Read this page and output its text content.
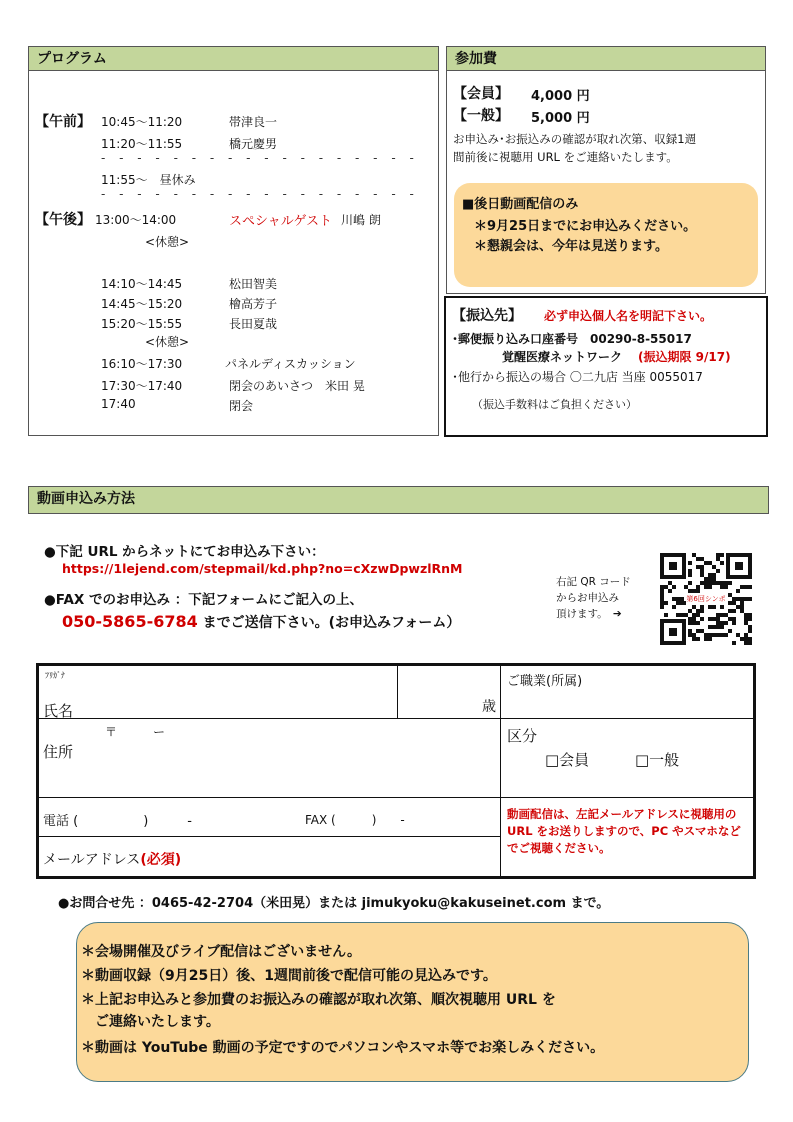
プログラム
【午前】 10:45～11:20	帯津良一
11:20～11:55	橋元慶男
- - - - - - - - - - - - - - - - - -
11:55～　昼休み
- - - - - - - - - - - - - - - - - -
【午後】 13:00～14:00	スペシャルゲスト 川嶋 朗
<休憩>
14:10～14:45	松田智美
14:45～15:20	檜高芳子
15:20～15:55	長田夏哉
<休憩>
16:10～17:30	パネルディスカッション
17:30～17:40	閉会のあいさつ　米田 晃
17:40	閉会
参加費
【会員】 4,000 円
【一般】 5,000 円
お申込み･お振込みの確認が取れ次第、収録1週
間前後に視聴用 URL をご連絡いたします。
■後日動画配信のみ
＊9月25日までにお申込みください。
＊懇親会は、今年は見送ります。
【振込先】 必ず申込個人名を明記下さい。
･郵便振り込み口座番号　00290-8-55017
覚醒医療ネットワーク (振込期限 9/17)
･他行から振込の場合 〇二九店 当座 0055017
（振込手数料はご負担ください）
動画申込み方法
●下記 URL からネットにてお申込み下さい：
https://1lejend.com/stepmail/kd.php?no=cXzwDpwzlRnM
●FAX でのお申込み ：下記フォームにご記入の上、
050-5865-6784 までご送信下さい。(お申込みフォーム）
右記 QR コード
からお申込み
頂けます。　➔
第6回シンポ
ﾌﾘｶﾞﾅ
氏名	歳
ご職業(所属)
〒　　　ー
住所
区分
□会員	□一般
電話 (　　　　　)　　　-	FAX (　　　)　　-
メールアドレス(必須)
動画配信は、左記メールアドレスに視聴用の URL をお送りしますので、PC やスマホなどでご視聴ください。
●お問合せ先 ：0465-42-2704（米田晃）または jimukyoku@kakuseinet.com まで。
＊会場開催及びライブ配信はございません。
＊動画収録（9月25日）後、1週間前後で配信可能の見込みです。
＊上記お申込みと参加費のお振込みの確認が取れ次第、順次視聴用 URL を
　ご連絡いたします。
＊動画は YouTube 動画の予定ですのでパソコンやスマホ等でお楽しみください。
